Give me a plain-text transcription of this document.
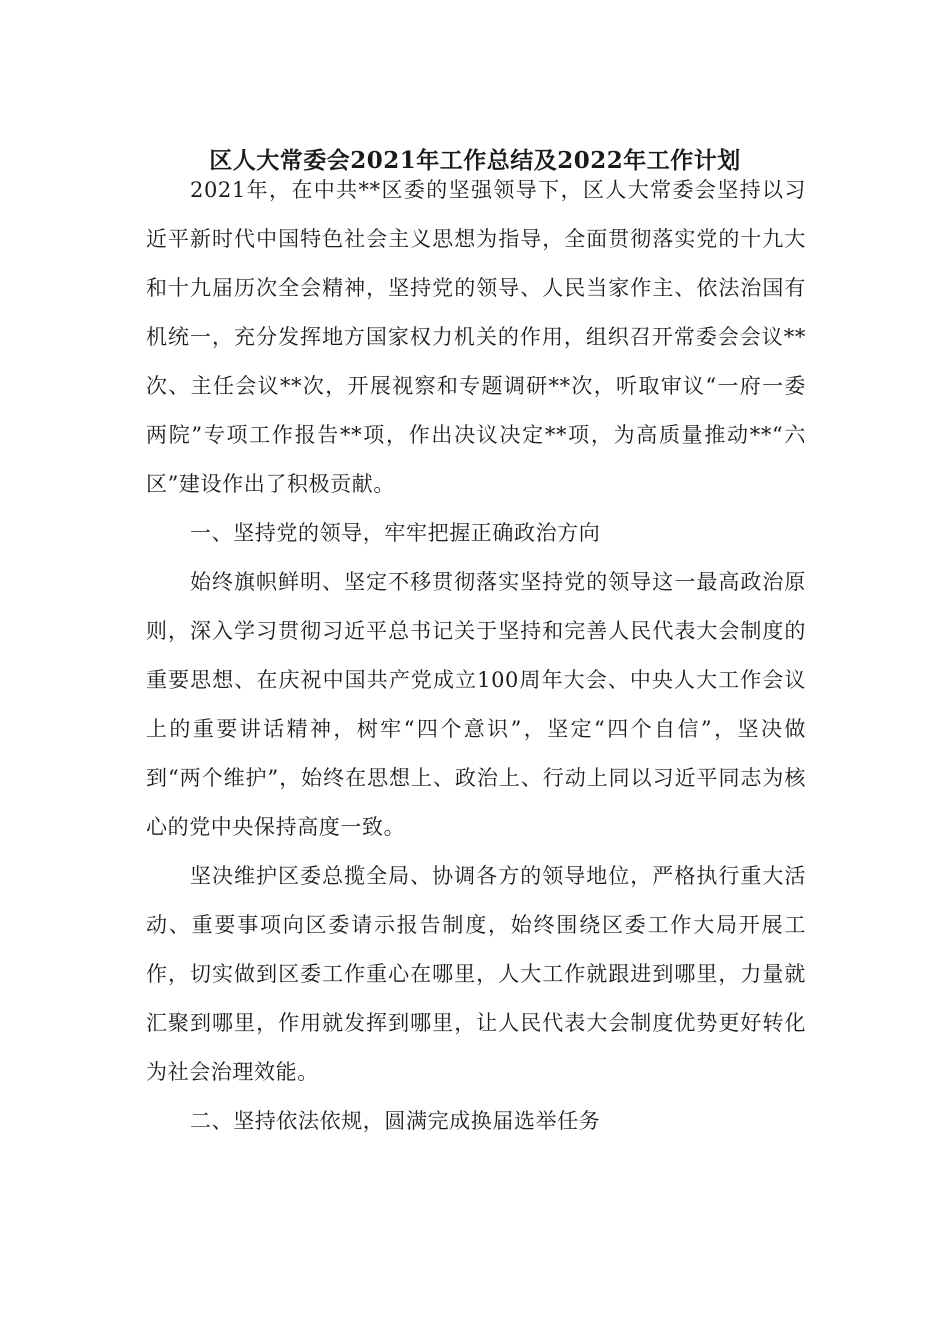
区人大常委会2021年工作总结及2022年工作计划

2021年，在中共**区委的坚强领导下，区人大常委会坚持以习近平新时代中国特色社会主义思想为指导，全面贯彻落实党的十九大和十九届历次全会精神，坚持党的领导、人民当家作主、依法治国有机统一，充分发挥地方国家权力机关的作用，组织召开常委会会议**次、主任会议**次，开展视察和专题调研**次，听取审议“一府一委两院”专项工作报告**项，作出决议决定**项，为高质量推动**“六区”建设作出了积极贡献。

一、坚持党的领导，牢牢把握正确政治方向

始终旗帜鲜明、坚定不移贯彻落实坚持党的领导这一最高政治原则，深入学习贯彻习近平总书记关于坚持和完善人民代表大会制度的重要思想、在庆祝中国共产党成立100周年大会、中央人大工作会议上的重要讲话精神，树牢“四个意识”，坚定“四个自信”，坚决做到“两个维护”，始终在思想上、政治上、行动上同以习近平同志为核心的党中央保持高度一致。

坚决维护区委总揽全局、协调各方的领导地位，严格执行重大活动、重要事项向区委请示报告制度，始终围绕区委工作大局开展工作，切实做到区委工作重心在哪里，人大工作就跟进到哪里，力量就汇聚到哪里，作用就发挥到哪里，让人民代表大会制度优势更好转化为社会治理效能。

二、坚持依法依规，圆满完成换届选举任务
